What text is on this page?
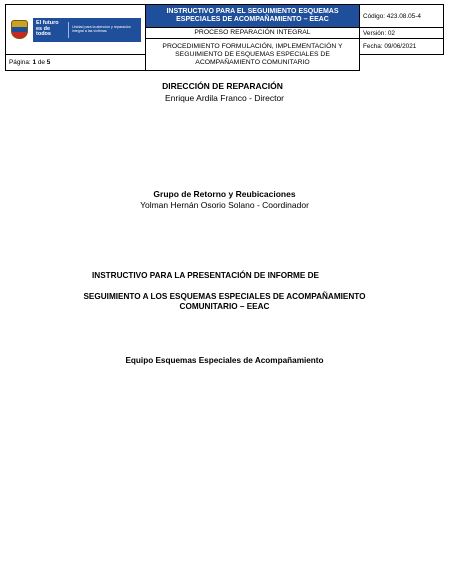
El futuro es de todos
Unidad para la atención y reparación integral a las víctimas	INSTRUCTIVO PARA EL SEGUIMIENTO ESQUEMAS ESPECIALES DE ACOMPAÑAMIENTO – EEAC	Código: 423.08.05-4
	PROCESO REPARACIÓN INTEGRAL	Versión: 02
	PROCEDIMIENTO FORMULACIÓN, IMPLEMENTACIÓN Y SEGUIMIENTO DE ESQUEMAS ESPECIALES DE ACOMPAÑAMIENTO COMUNITARIO	Fecha: 09/06/2021
Página: 1 de 5		
DIRECCIÓN DE REPARACIÓN
Enrique Ardila Franco - Director
Grupo de Retorno y Reubicaciones
Yolman Hernán Osorio Solano - Coordinador
INSTRUCTIVO PARA LA PRESENTACIÓN DE INFORME DE
SEGUIMIENTO A LOS ESQUEMAS ESPECIALES DE ACOMPAÑAMIENTO
COMUNITARIO – EEAC
Equipo Esquemas Especiales de Acompañamiento
